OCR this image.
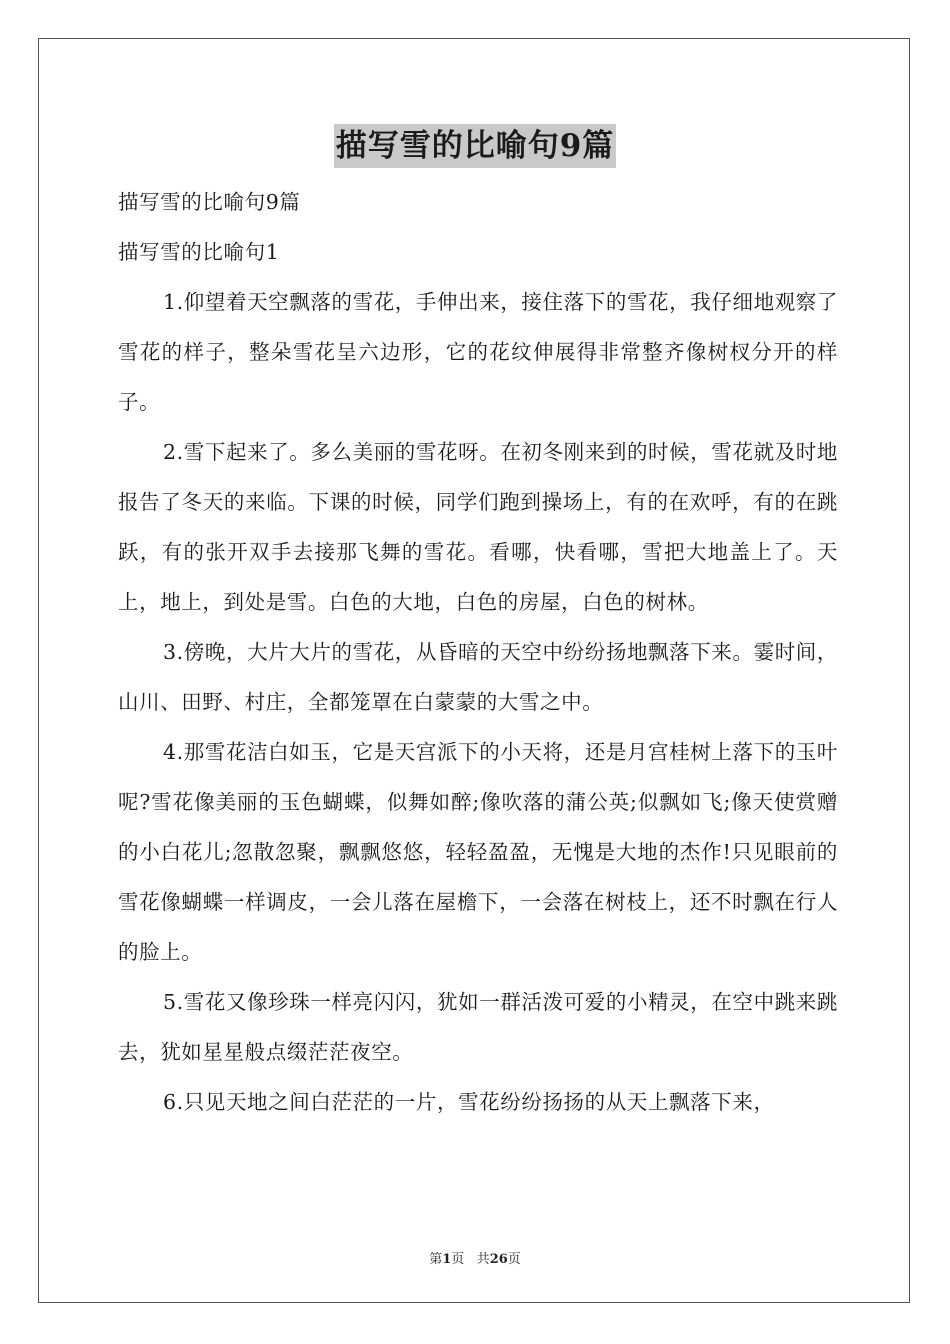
描写雪的比喻句9篇

描写雪的比喻句9篇

描写雪的比喻句1

1.仰望着天空飘落的雪花，手伸出来，接住落下的雪花，我仔细地观察了雪花的样子，整朵雪花呈六边形，它的花纹伸展得非常整齐像树杈分开的样子。

2.雪下起来了。多么美丽的雪花呀。在初冬刚来到的时候，雪花就及时地报告了冬天的来临。下课的时候，同学们跑到操场上，有的在欢呼，有的在跳跃，有的张开双手去接那飞舞的雪花。看哪，快看哪，雪把大地盖上了。天上，地上，到处是雪。白色的大地，白色的房屋，白色的树林。

3.傍晚，大片大片的雪花，从昏暗的天空中纷纷扬地飘落下来。霎时间，山川、田野、村庄，全都笼罩在白蒙蒙的大雪之中。

4.那雪花洁白如玉，它是天宫派下的小天将，还是月宫桂树上落下的玉叶呢?雪花像美丽的玉色蝴蝶，似舞如醉;像吹落的蒲公英;似飘如飞;像天使赏赠的小白花儿;忽散忽聚，飘飘悠悠，轻轻盈盈，无愧是大地的杰作!只见眼前的雪花像蝴蝶一样调皮，一会儿落在屋檐下，一会落在树枝上，还不时飘在行人的脸上。

5.雪花又像珍珠一样亮闪闪，犹如一群活泼可爱的小精灵，在空中跳来跳去，犹如星星般点缀茫茫夜空。

6.只见天地之间白茫茫的一片，雪花纷纷扬扬的从天上飘落下来，

第1页 共26页
